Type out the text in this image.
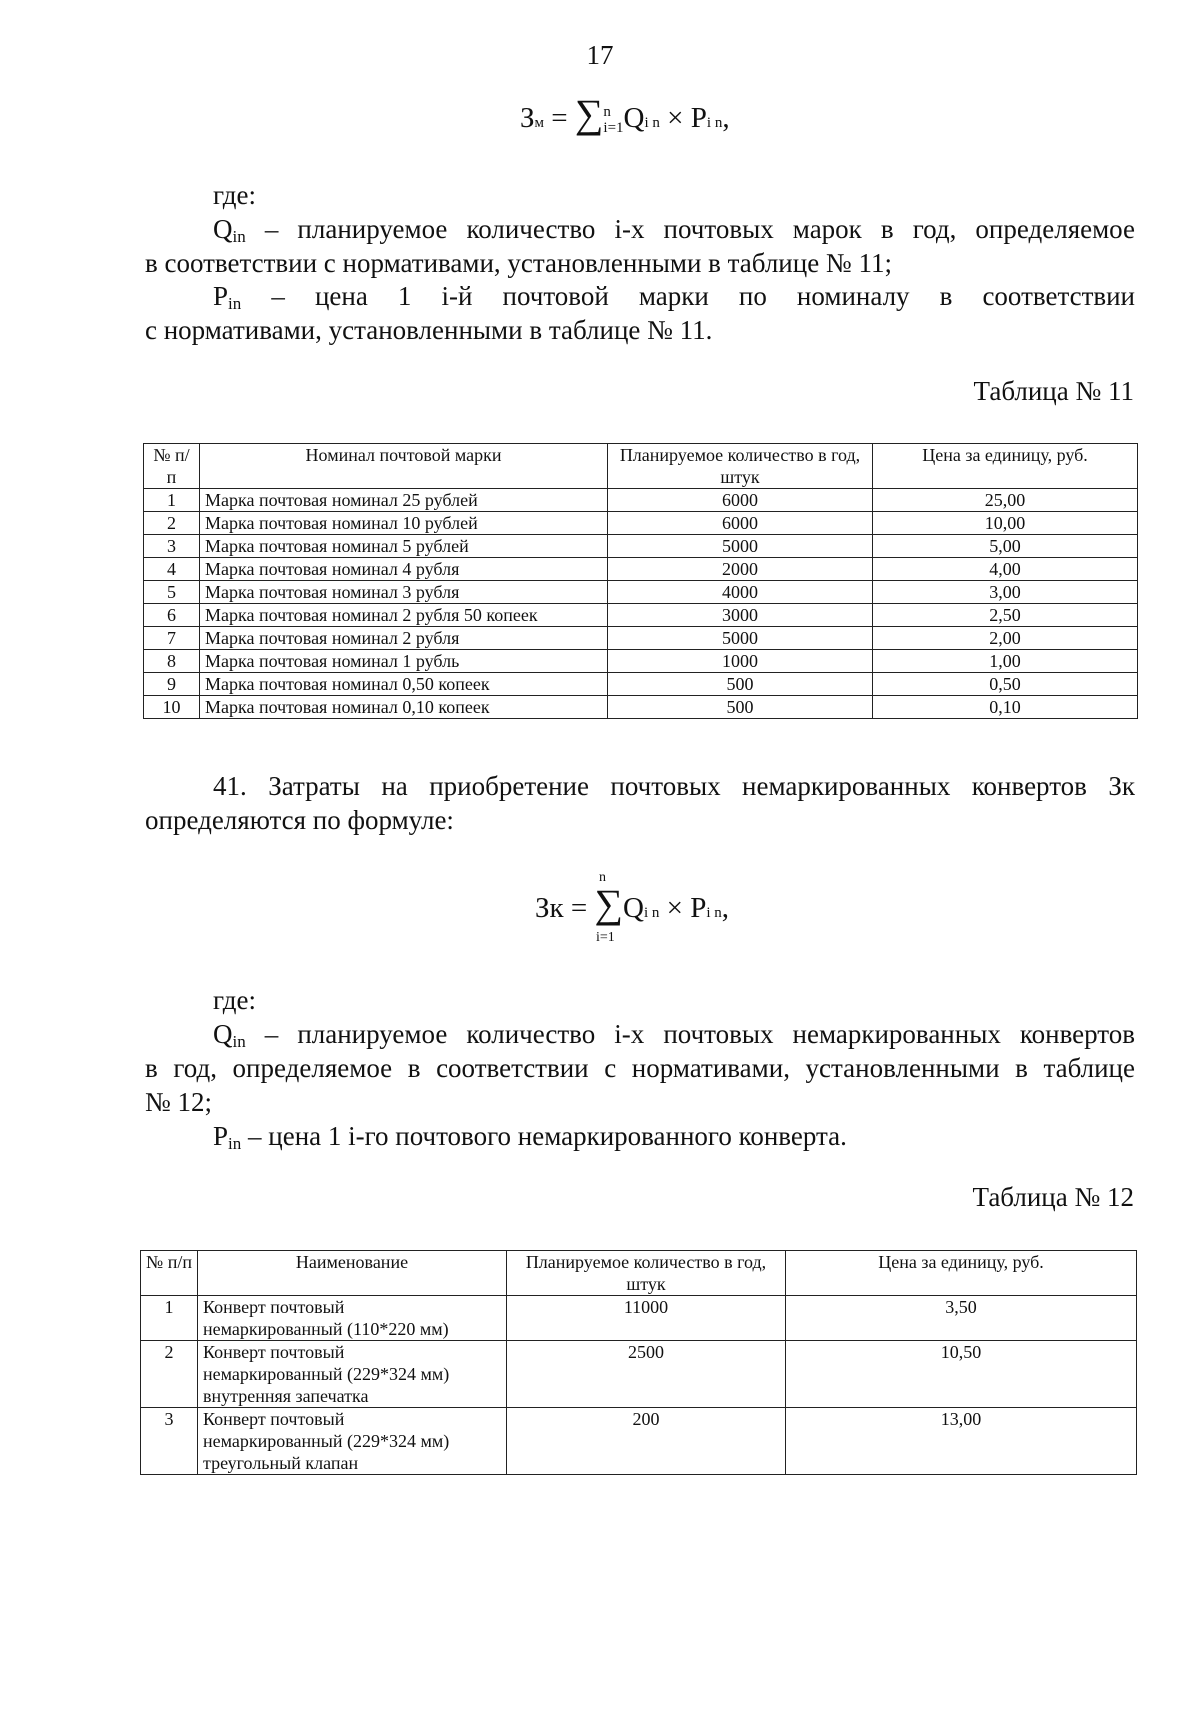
17
Зм = ∑ n
i=1 Qi n × Pi n,
где:
Qin – планируемое количество i-х почтовых марок в год, определяемое
в соответствии с нормативами, установленными в таблице № 11;
Pin – цена 1 i-й почтовой марки по номиналу в соответствии
с нормативами, установленными в таблице № 11.
Таблица № 11
№ п/п	Номинал почтовой марки	Планируемое количество в год, штук	Цена за единицу, руб.
1	Марка почтовая номинал 25 рублей	6000	25,00
2	Марка почтовая номинал 10 рублей	6000	10,00
3	Марка почтовая номинал 5 рублей	5000	5,00
4	Марка почтовая номинал 4 рубля	2000	4,00
5	Марка почтовая номинал 3 рубля	4000	3,00
6	Марка почтовая номинал 2 рубля 50 копеек	3000	2,50
7	Марка почтовая номинал 2 рубля	5000	2,00
8	Марка почтовая номинал 1 рубль	1000	1,00
9	Марка почтовая номинал 0,50 копеек	500	0,50
10	Марка почтовая номинал 0,10 копеек	500	0,10
41. Затраты на приобретение почтовых немаркированных конвертов Зк
определяются по формуле:
n
Зк = ∑Qi n × Pi n,
i=1
где:
Qin – планируемое количество i-х почтовых немаркированных конвертов
в год, определяемое в соответствии с нормативами, установленными в таблице
№ 12;
Pin – цена 1 i-го почтового немаркированного конверта.
Таблица № 12
№ п/п	Наименование	Планируемое количество в год, штук	Цена за единицу, руб.
1	Конверт почтовый
немаркированный (110*220 мм)	11000	3,50
2	Конверт почтовый
немаркированный (229*324 мм)
внутренняя запечатка	2500	10,50
3	Конверт почтовый
немаркированный (229*324 мм)
треугольный клапан	200	13,00
